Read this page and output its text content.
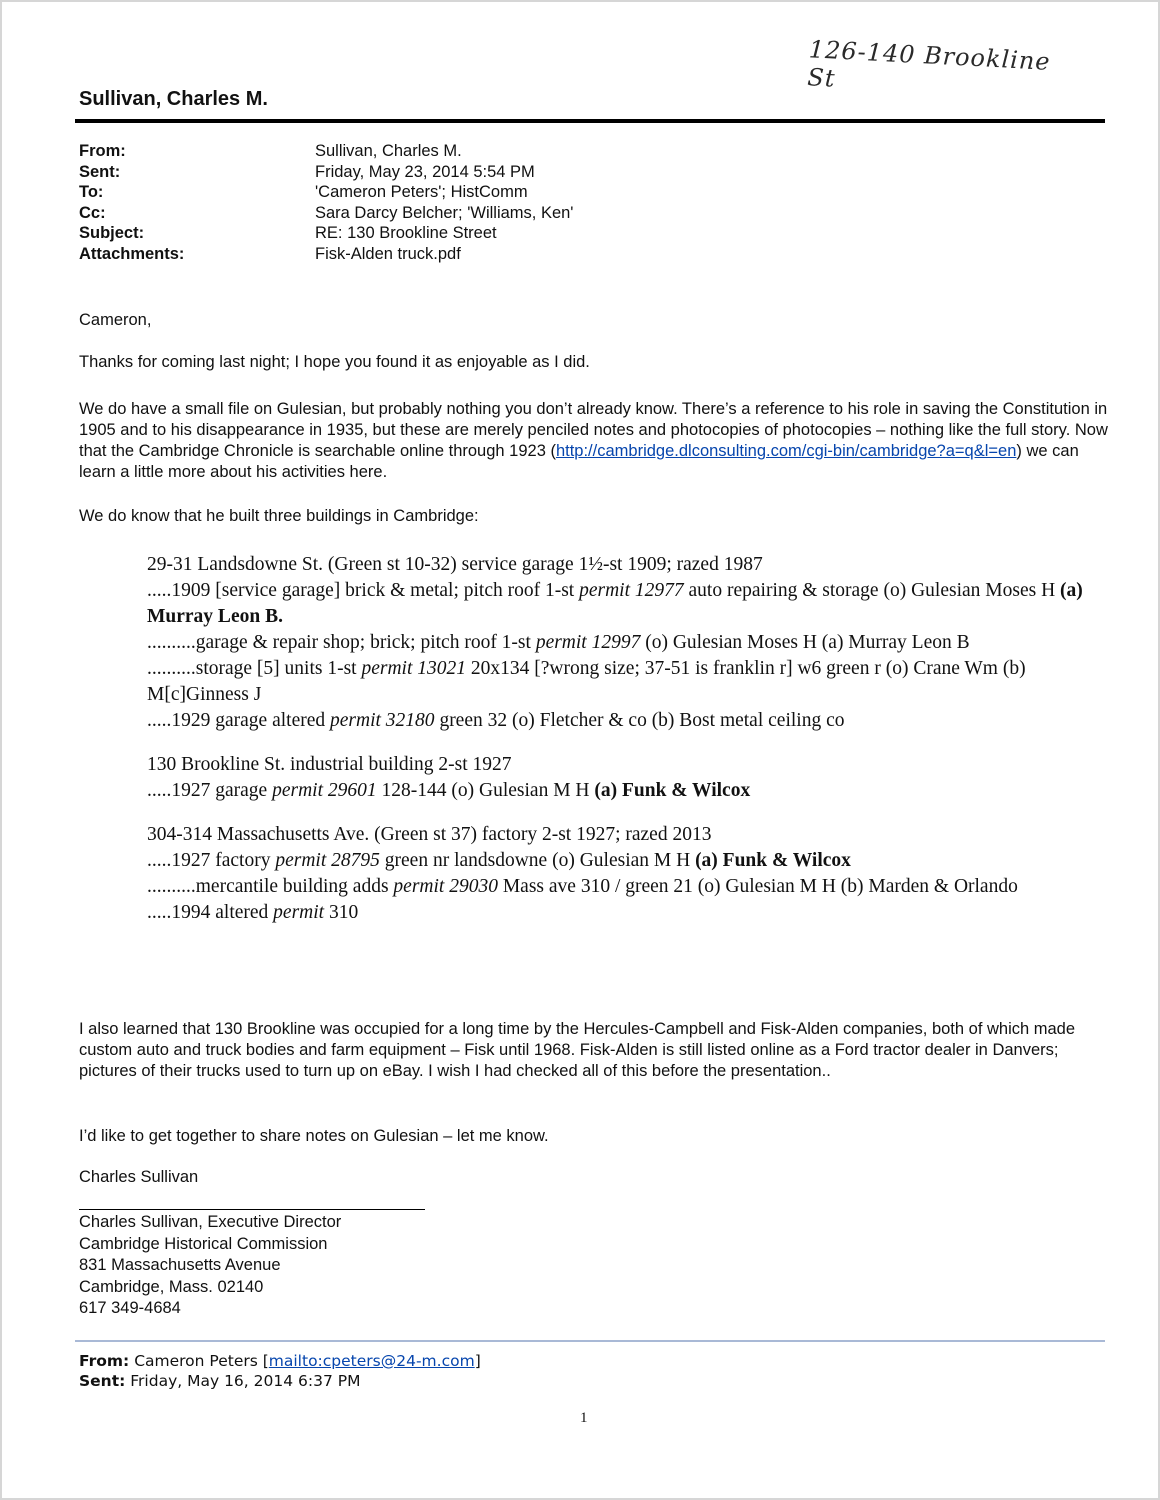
126-140 Brookline St
Sullivan, Charles M.
From:	Sullivan, Charles M.
Sent:	Friday, May 23, 2014 5:54 PM
To:	'Cameron Peters'; HistComm
Cc:	Sara Darcy Belcher; 'Williams, Ken'
Subject:	RE: 130 Brookline Street
Attachments:	Fisk-Alden truck.pdf

Cameron,

Thanks for coming last night; I hope you found it as enjoyable as I did.

We do have a small file on Gulesian, but probably nothing you don’t already know. There’s a reference to his role in saving the Constitution in 1905 and to his disappearance in 1935, but these are merely penciled notes and photocopies of photocopies – nothing like the full story. Now that the Cambridge Chronicle is searchable online through 1923 (http://cambridge.dlconsulting.com/cgi-bin/cambridge?a=q&l=en) we can learn a little more about his activities here.

We do know that he built three buildings in Cambridge:

29-31 Landsdowne St. (Green st 10-32) service garage 1½-st 1909; razed 1987

.....1909 [service garage] brick & metal; pitch roof 1-st permit 12977 auto repairing & storage (o) Gulesian Moses H (a) Murray Leon B.

..........garage & repair shop; brick; pitch roof 1-st permit 12997 (o) Gulesian Moses H (a) Murray Leon B

..........storage [5] units 1-st permit 13021 20x134 [?wrong size; 37-51 is franklin r] w6 green r (o) Crane Wm (b) M[c]Ginness J

.....1929 garage altered permit 32180 green 32 (o) Fletcher & co (b) Bost metal ceiling co

130 Brookline St. industrial building 2-st 1927

.....1927 garage permit 29601 128-144 (o) Gulesian M H (a) Funk & Wilcox

304-314 Massachusetts Ave. (Green st 37) factory 2-st 1927; razed 2013

.....1927 factory permit 28795 green nr landsdowne (o) Gulesian M H (a) Funk & Wilcox

..........mercantile building adds permit 29030 Mass ave 310 / green 21 (o) Gulesian M H (b) Marden & Orlando

.....1994 altered permit 310

I also learned that 130 Brookline was occupied for a long time by the Hercules-Campbell and Fisk-Alden companies, both of which made custom auto and truck bodies and farm equipment – Fisk until 1968. Fisk-Alden is still listed online as a Ford tractor dealer in Danvers; pictures of their trucks used to turn up on eBay. I wish I had checked all of this before the presentation..

I’d like to get together to share notes on Gulesian – let me know.

Charles Sullivan

Charles Sullivan, Executive Director
Cambridge Historical Commission
831 Massachusetts Avenue
Cambridge, Mass. 02140
617 349-4684
From: Cameron Peters [mailto:cpeters@24-m.com]
Sent: Friday, May 16, 2014 6:37 PM
1
